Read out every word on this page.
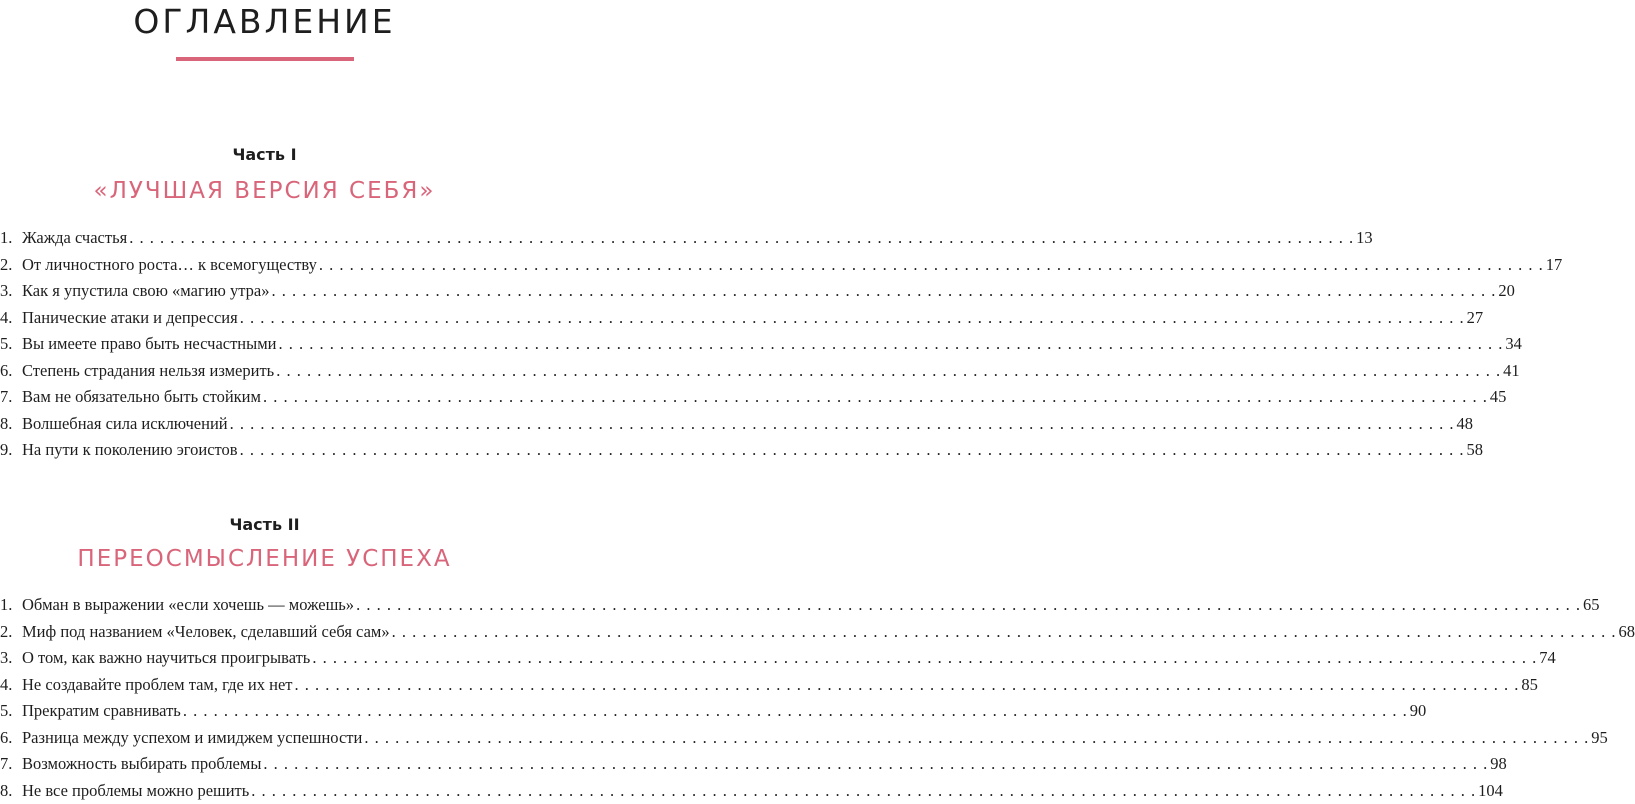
ОГЛАВЛЕНИЕ
Часть I
«ЛУЧШАЯ ВЕРСИЯ СЕБЯ»
1. Жажда счастья . . . . . . . . . . . . . . . . . . . . . . . . . . . . . . . . . . . . . . . . . . . . . . . . . . . . . . . . . . . . . . . . . . . . . . . . . . . . . . . . . . . . . . . . . . . . . . . . . . . . . . . . . . . . . . . . . . . . . . . . 13
2. От личностного роста… к всемогуществу . . . . . . . . . . . . . . . . . . . . . . . . . . . . . . . . . . . . . . . . . . . . . . . . . . . . . . . . . . . . . . . . . . . . . . . . . . . . . . . . . . . . . . . . . . . . . . . . . . . . . . . . . . . . . . . . . . . . . . . . 17
3. Как я упустила свою «магию утра» . . . . . . . . . . . . . . . . . . . . . . . . . . . . . . . . . . . . . . . . . . . . . . . . . . . . . . . . . . . . . . . . . . . . . . . . . . . . . . . . . . . . . . . . . . . . . . . . . . . . . . . . . . . . . . . . . . . . . . . . 20
4. Панические атаки и депрессия . . . . . . . . . . . . . . . . . . . . . . . . . . . . . . . . . . . . . . . . . . . . . . . . . . . . . . . . . . . . . . . . . . . . . . . . . . . . . . . . . . . . . . . . . . . . . . . . . . . . . . . . . . . . . . . . . . . . . . . . 27
5. Вы имеете право быть несчастными . . . . . . . . . . . . . . . . . . . . . . . . . . . . . . . . . . . . . . . . . . . . . . . . . . . . . . . . . . . . . . . . . . . . . . . . . . . . . . . . . . . . . . . . . . . . . . . . . . . . . . . . . . . . . . . . . . . . . . . . 34
6. Степень страдания нельзя измерить . . . . . . . . . . . . . . . . . . . . . . . . . . . . . . . . . . . . . . . . . . . . . . . . . . . . . . . . . . . . . . . . . . . . . . . . . . . . . . . . . . . . . . . . . . . . . . . . . . . . . . . . . . . . . . . . . . . . . . . . 41
7. Вам не обязательно быть стойким . . . . . . . . . . . . . . . . . . . . . . . . . . . . . . . . . . . . . . . . . . . . . . . . . . . . . . . . . . . . . . . . . . . . . . . . . . . . . . . . . . . . . . . . . . . . . . . . . . . . . . . . . . . . . . . . . . . . . . . . 45
8. Волшебная сила исключений . . . . . . . . . . . . . . . . . . . . . . . . . . . . . . . . . . . . . . . . . . . . . . . . . . . . . . . . . . . . . . . . . . . . . . . . . . . . . . . . . . . . . . . . . . . . . . . . . . . . . . . . . . . . . . . . . . . . . . . . 48
9. На пути к поколению эгоистов . . . . . . . . . . . . . . . . . . . . . . . . . . . . . . . . . . . . . . . . . . . . . . . . . . . . . . . . . . . . . . . . . . . . . . . . . . . . . . . . . . . . . . . . . . . . . . . . . . . . . . . . . . . . . . . . . . . . . . . . 58
Часть II
ПЕРЕОСМЫСЛЕНИЕ УСПЕХА
1. Обман в выражении «если хочешь — можешь» . . . . . . . . . . . . . . . . . . . . . . . . . . . . . . . . . . . . . . . . . . . . . . . . . . . . . . . . . . . . . . . . . . . . . . . . . . . . . . . . . . . . . . . . . . . . . . . . . . . . . . . . . . . . . . . . . . . . . . . . 65
2. Миф под названием «Человек, сделавший себя сам» . . . . . . . . . . . . . . . . . . . . . . . . . . . . . . . . . . . . . . . . . . . . . . . . . . . . . . . . . . . . . . . . . . . . . . . . . . . . . . . . . . . . . . . . . . . . . . . . . . . . . . . . . . . . . . . . . . . . . . . . 68
3. О том, как важно научиться проигрывать . . . . . . . . . . . . . . . . . . . . . . . . . . . . . . . . . . . . . . . . . . . . . . . . . . . . . . . . . . . . . . . . . . . . . . . . . . . . . . . . . . . . . . . . . . . . . . . . . . . . . . . . . . . . . . . . . . . . . . . . 74
4. Не создавайте проблем там, где их нет . . . . . . . . . . . . . . . . . . . . . . . . . . . . . . . . . . . . . . . . . . . . . . . . . . . . . . . . . . . . . . . . . . . . . . . . . . . . . . . . . . . . . . . . . . . . . . . . . . . . . . . . . . . . . . . . . . . . . . . . 85
5. Прекратим сравнивать . . . . . . . . . . . . . . . . . . . . . . . . . . . . . . . . . . . . . . . . . . . . . . . . . . . . . . . . . . . . . . . . . . . . . . . . . . . . . . . . . . . . . . . . . . . . . . . . . . . . . . . . . . . . . . . . . . . . . . . . 90
6. Разница между успехом и имиджем успешности . . . . . . . . . . . . . . . . . . . . . . . . . . . . . . . . . . . . . . . . . . . . . . . . . . . . . . . . . . . . . . . . . . . . . . . . . . . . . . . . . . . . . . . . . . . . . . . . . . . . . . . . . . . . . . . . . . . . . . . . 95
7. Возможность выбирать проблемы . . . . . . . . . . . . . . . . . . . . . . . . . . . . . . . . . . . . . . . . . . . . . . . . . . . . . . . . . . . . . . . . . . . . . . . . . . . . . . . . . . . . . . . . . . . . . . . . . . . . . . . . . . . . . . . . . . . . . . . . 98
8. Не все проблемы можно решить . . . . . . . . . . . . . . . . . . . . . . . . . . . . . . . . . . . . . . . . . . . . . . . . . . . . . . . . . . . . . . . . . . . . . . . . . . . . . . . . . . . . . . . . . . . . . . . . . . . . . . . . . . . . . . . . . . . . . . . . 104
